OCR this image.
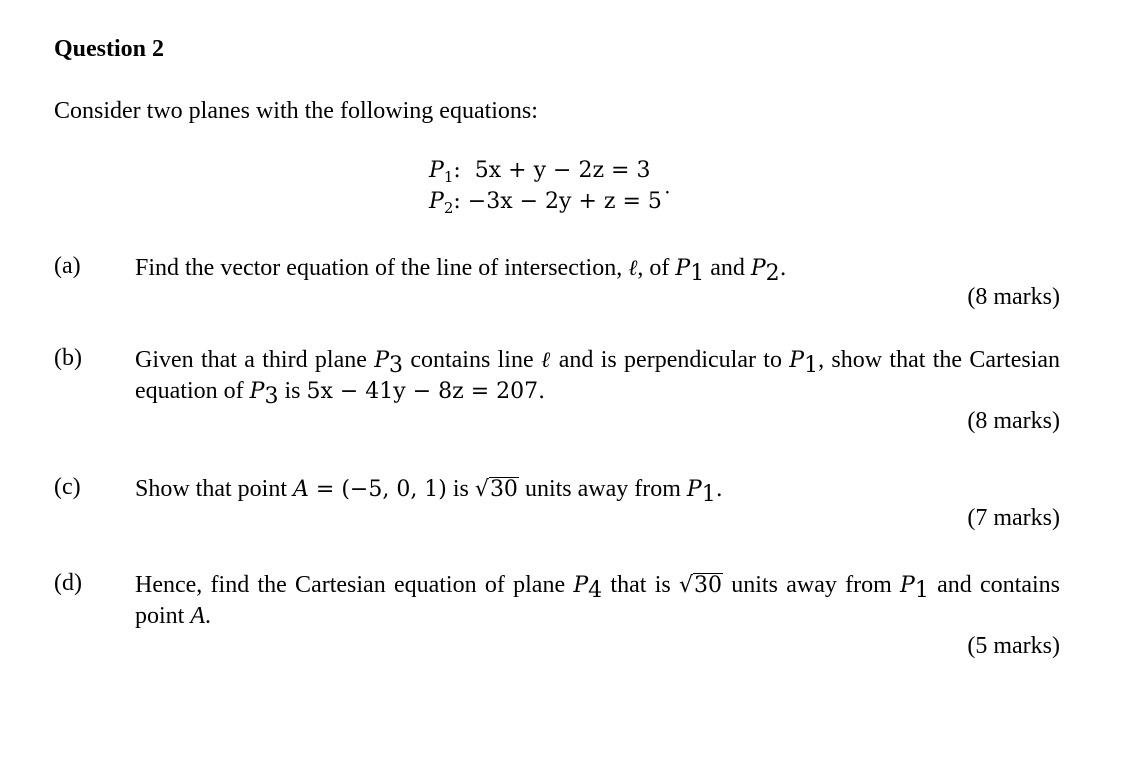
Question 2
Consider two planes with the following equations:
$P_1$:  5x + y − 2z = 3
$P_2$: −3x − 2y + z = 5˙
(a) Find the vector equation of the line of intersection, ℓ, of $P_1$ and $P_2$.
(8 marks)
(b) Given that a third plane $P_3$ contains line ℓ and is perpendicular to $P_1$, show that the Cartesian equation of $P_3$ is 5x − 41y − 8z = 207.
(8 marks)
(c) Show that point A = (−5, 0, 1) is √ 30 units away from $P_1$.
(7 marks)
(d) Hence, find the Cartesian equation of plane $P_4$ that is √ 30 units away from $P_1$ and contains point A.
(5 marks)
